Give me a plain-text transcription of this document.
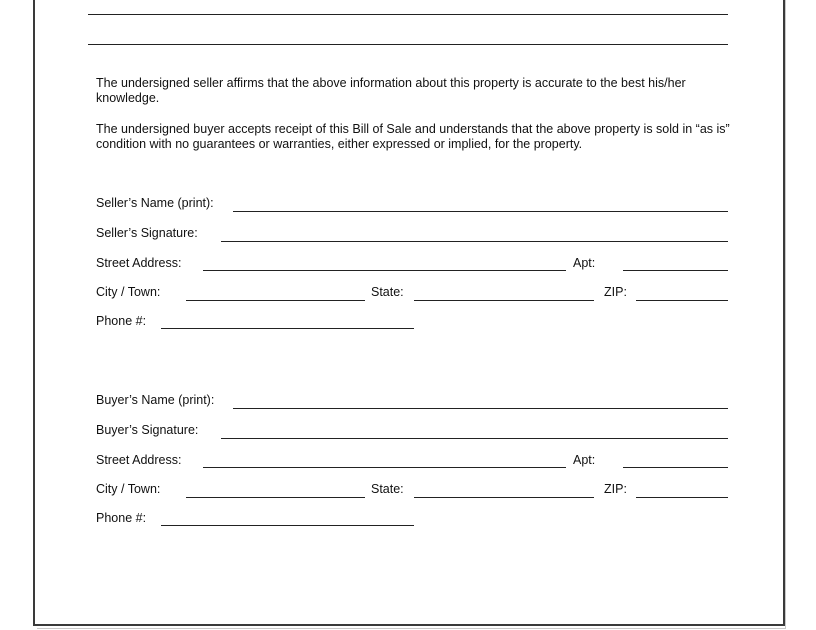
The undersigned seller affirms that the above information about this property is accurate to the best his/her knowledge.

The undersigned buyer accepts receipt of this Bill of Sale and understands that the above property is sold in “as is” condition with no guarantees or warranties, either expressed or implied, for the property.

Seller’s Name (print):
Seller’s Signature:
Street Address:	Apt:
City / Town:	State:	ZIP:
Phone #:
Buyer’s Name (print):
Buyer’s Signature:
Street Address:	Apt:
City / Town:	State:	ZIP:
Phone #:
